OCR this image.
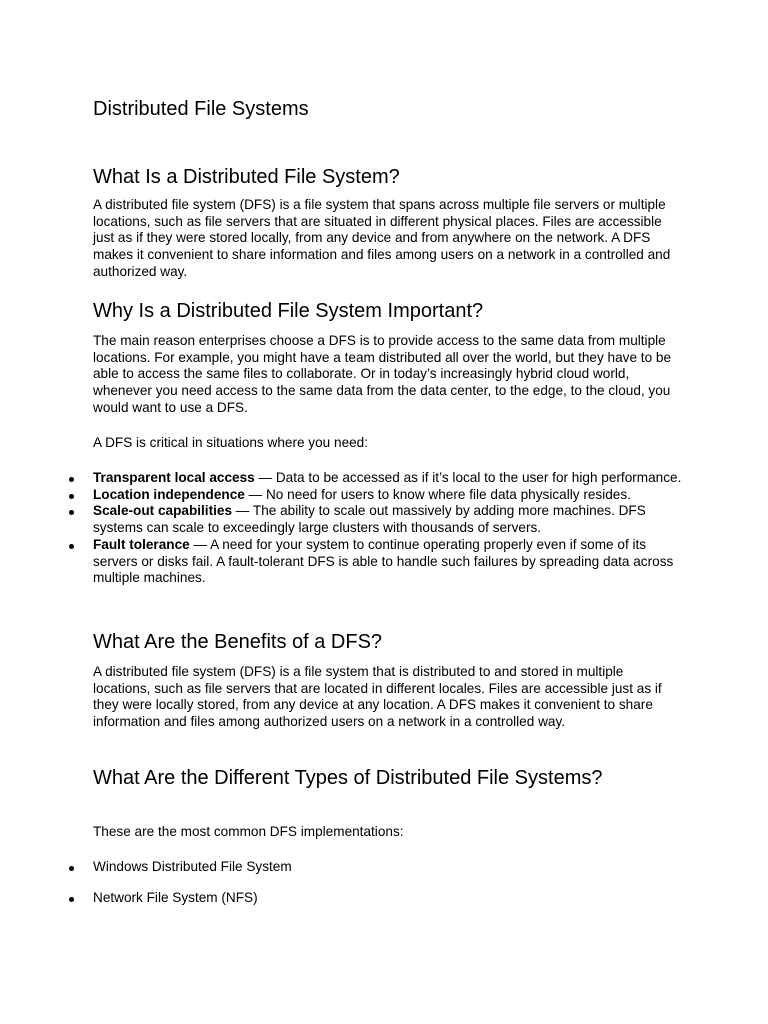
Distributed File Systems
What Is a Distributed File System?

A distributed file system (DFS) is a file system that spans across multiple file servers or multiple locations, such as file servers that are situated in different physical places. Files are accessible just as if they were stored locally, from any device and from anywhere on the network. A DFS makes it convenient to share information and files among users on a network in a controlled and authorized way.

Why Is a Distributed File System Important?

The main reason enterprises choose a DFS is to provide access to the same data from multiple locations. For example, you might have a team distributed all over the world, but they have to be able to access the same files to collaborate. Or in today’s increasingly hybrid cloud world, whenever you need access to the same data from the data center, to the edge, to the cloud, you would want to use a DFS.

A DFS is critical in situations where you need:

Transparent local access — Data to be accessed as if it’s local to the user for high performance.
Location independence — No need for users to know where file data physically resides.
Scale-out capabilities — The ability to scale out massively by adding more machines. DFS systems can scale to exceedingly large clusters with thousands of servers.
Fault tolerance — A need for your system to continue operating properly even if some of its servers or disks fail. A fault-tolerant DFS is able to handle such failures by spreading data across multiple machines.
What Are the Benefits of a DFS?

A distributed file system (DFS) is a file system that is distributed to and stored in multiple locations, such as file servers that are located in different locales. Files are accessible just as if they were locally stored, from any device at any location. A DFS makes it convenient to share information and files among authorized users on a network in a controlled way.

What Are the Different Types of Distributed File Systems?

These are the most common DFS implementations:

Windows Distributed File System
Network File System (NFS)
